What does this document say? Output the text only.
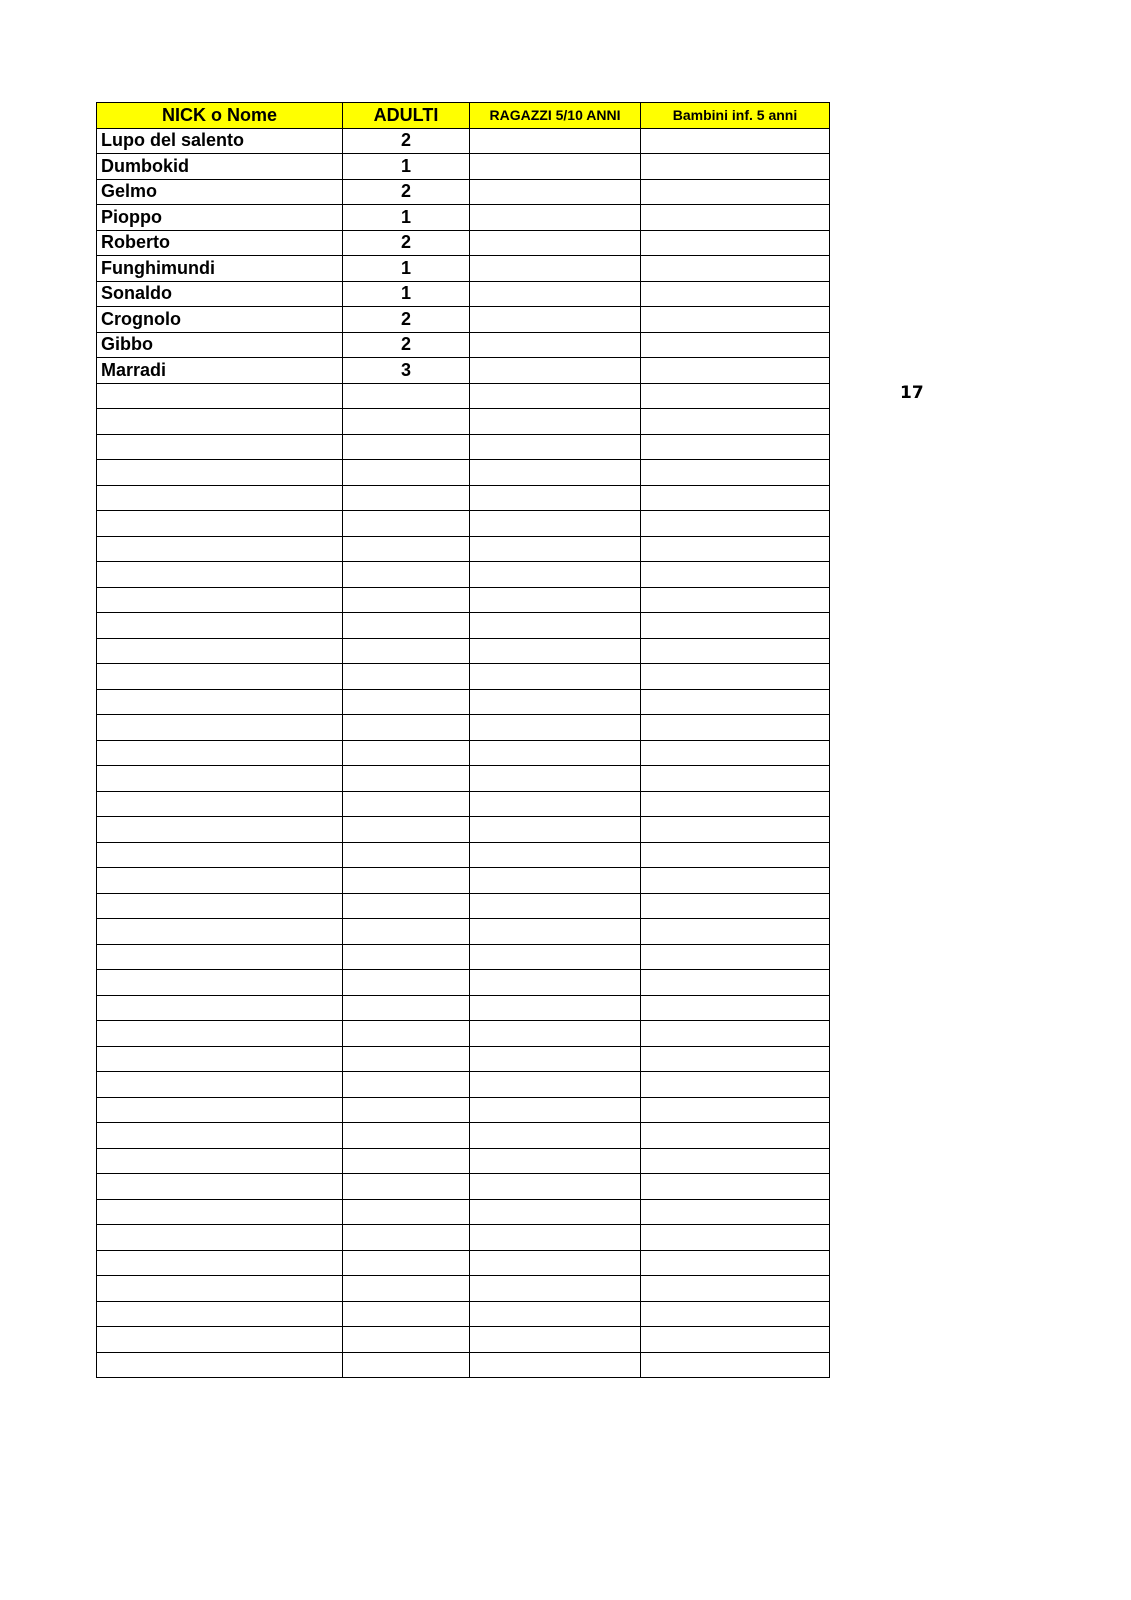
NICK o Nome	ADULTI	RAGAZZI 5/10 ANNI	Bambini inf. 5 anni
Lupo del salento	2		
Dumbokid	1		
Gelmo	2		
Pioppo	1		
Roberto	2		
Funghimundi	1		
Sonaldo	1		
Crognolo	2		
Gibbo	2		
Marradi	3		

17
